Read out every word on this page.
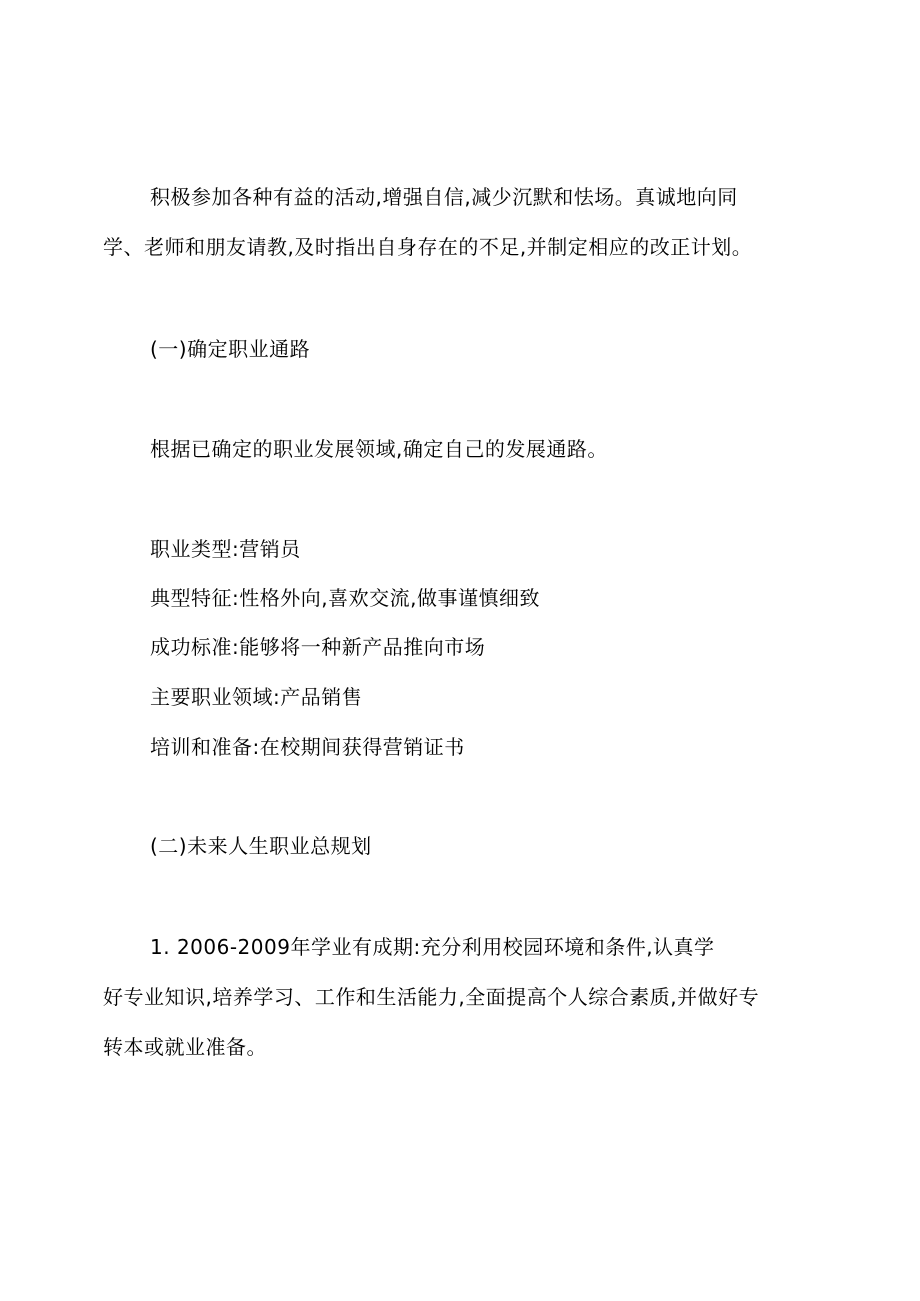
积极参加各种有益的活动,增强自信,减少沉默和怯场。真诚地向同
学、老师和朋友请教,及时指出自身存在的不足,并制定相应的改正计划。
(一)确定职业通路
根据已确定的职业发展领域,确定自己的发展通路。
职业类型:营销员
典型特征:性格外向,喜欢交流,做事谨慎细致
成功标准:能够将一种新产品推向市场
主要职业领域:产品销售
培训和准备:在校期间获得营销证书
(二)未来人生职业总规划
1. 2006-2009年学业有成期:充分利用校园环境和条件,认真学
好专业知识,培养学习、工作和生活能力,全面提高个人综合素质,并做好专
转本或就业准备。
